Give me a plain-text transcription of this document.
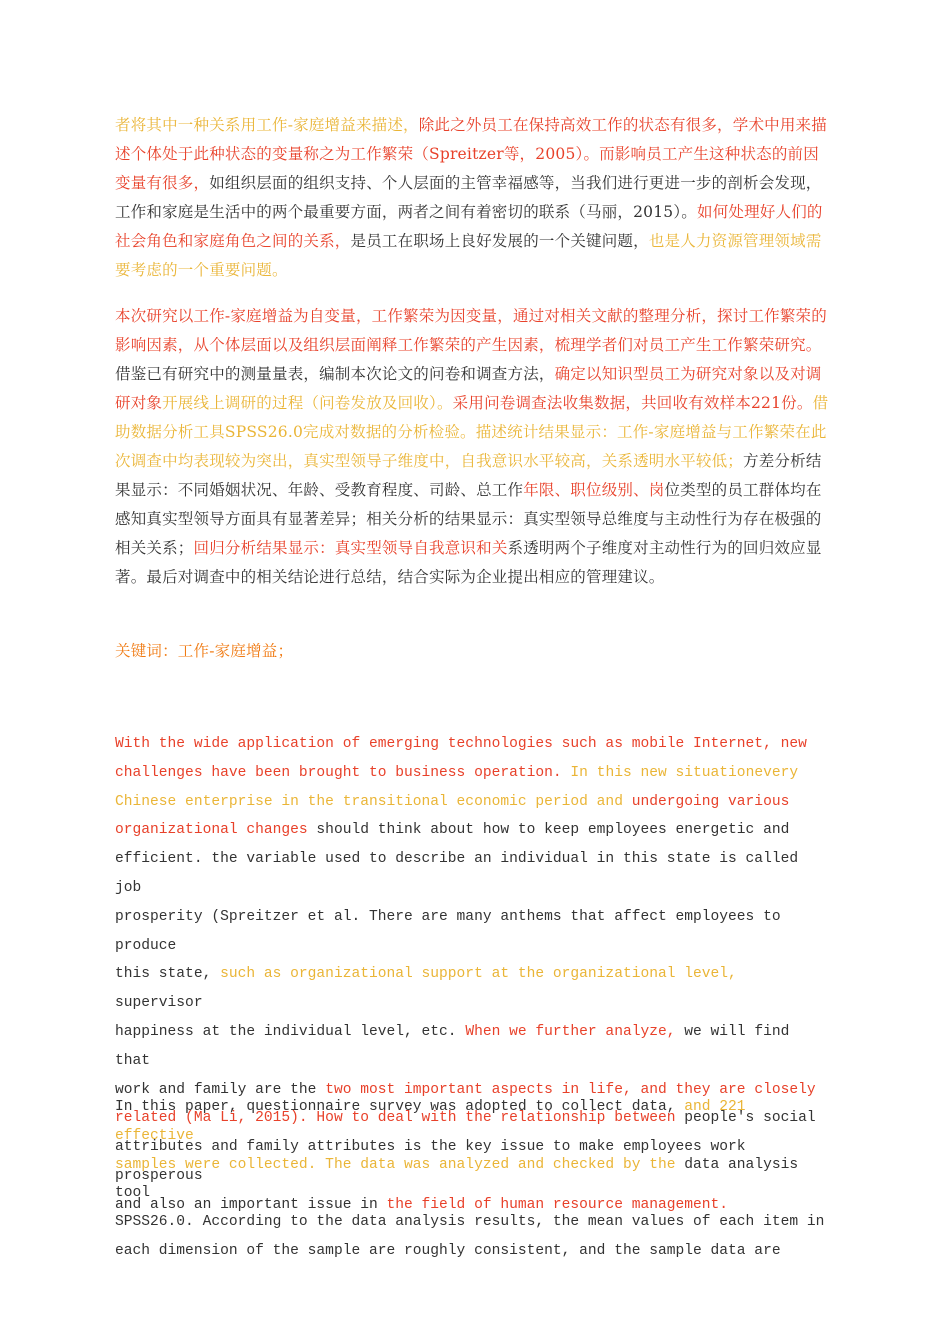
者将其中一种关系用工作-家庭增益来描述，除此之外员工在保持高效工作的状态有很多，学术中用来描述个体处于此种状态的变量称之为工作繁荣（Spreitzer等，2005）。而影响员工产生这种状态的前因变量有很多，如组织层面的组织支持、个人层面的主管幸福感等，当我们进行更进一步的剖析会发现，工作和家庭是生活中的两个最重要方面，两者之间有着密切的联系（马丽，2015）。如何处理好人们的社会角色和家庭角色之间的关系，是员工在职场上良好发展的一个关键问题，也是人力资源管理领域需要考虑的一个重要问题。

本次研究以工作-家庭增益为自变量，工作繁荣为因变量，通过对相关文献的整理分析，探讨工作繁荣的影响因素，从个体层面以及组织层面阐释工作繁荣的产生因素，梳理学者们对员工产生工作繁荣研究。借鉴已有研究中的测量量表，编制本次论文的问卷和调查方法，确定以知识型员工为研究对象以及对调研对象开展线上调研的过程（问卷发放及回收）。采用问卷调查法收集数据，共回收有效样本221份。借助数据分析工具SPSS26.0完成对数据的分析检验。描述统计结果显示：工作-家庭增益与工作繁荣在此次调查中均表现较为突出，真实型领导子维度中，自我意识水平较高，关系透明水平较低；方差分析结果显示：不同婚姻状况、年龄、受教育程度、司龄、总工作年限、职位级别、岗位类型的员工群体均在感知真实型领导方面具有显著差异；相关分析的结果显示：真实型领导总维度与主动性行为存在极强的相关关系；回归分析结果显示：真实型领导自我意识和关系透明两个子维度对主动性行为的回归效应显著。最后对调查中的相关结论进行总结，结合实际为企业提出相应的管理建议。

关键词：工作-家庭增益；

With the wide application of emerging technologies such as mobile Internet, new
challenges have been brought to business operation. In this new situationevery
Chinese enterprise in the transitional economic period and undergoing various
organizational changes should think about how to keep employees energetic and
efficient. the variable used to describe an individual in this state is called job
prosperity (Spreitzer et al. There are many anthems that affect employees to produce
this state, such as organizational support at the organizational level, supervisor
happiness at the individual level, etc. When we further analyze, we will find that
work and family are the two most important aspects in life, and they are closely
related (Ma Li, 2015). How to deal with the relationship between people's social
attributes and family attributes is the key issue to make employees work prosperous
and also an important issue in the field of human resource management.

In this paper, questionnaire survey was adopted to collect data, and 221 effective
samples were collected. The data was analyzed and checked by the data analysis tool
SPSS26.0. According to the data analysis results, the mean values of each item in
each dimension of the sample are roughly consistent, and the sample data are
